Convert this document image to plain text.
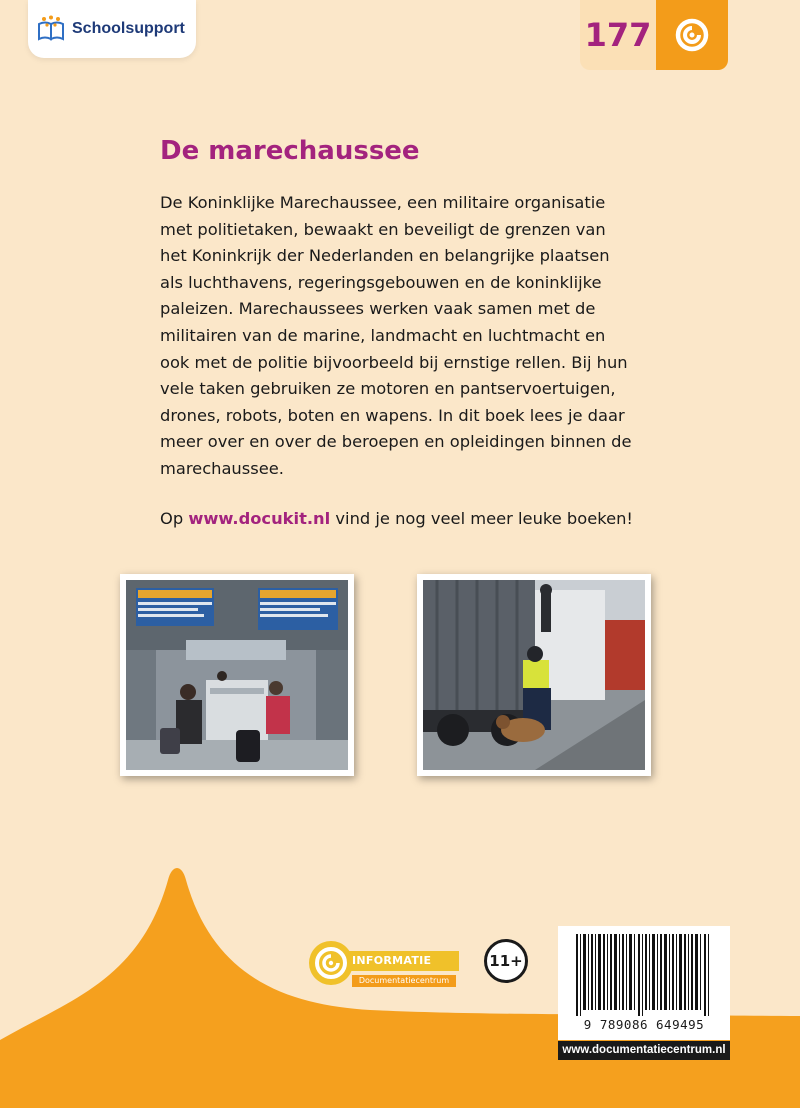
Schoolsupport	177
De marechaussee

De Koninklijke Marechaussee, een militaire organisatie
met politietaken, bewaakt en beveiligt de grenzen van
het Koninkrijk der Nederlanden en belangrijke plaatsen
als luchthavens, regeringsgebouwen en de koninklijke
paleizen. Marechaussees werken vaak samen met de
militairen van de marine, landmacht en luchtmacht en
ook met de politie bijvoorbeeld bij ernstige rellen. Bij hun
vele taken gebruiken ze motoren en pantservoertuigen,
drones, robots, boten en wapens. In dit boek lees je daar
meer over en over de beroepen en opleidingen binnen de
marechaussee.

Op www.docukit.nl vind je nog veel meer leuke boeken!
INFORMATIE
Documentatiecentrum
11+
9 789086 649495
www.documentatiecentrum.nl
